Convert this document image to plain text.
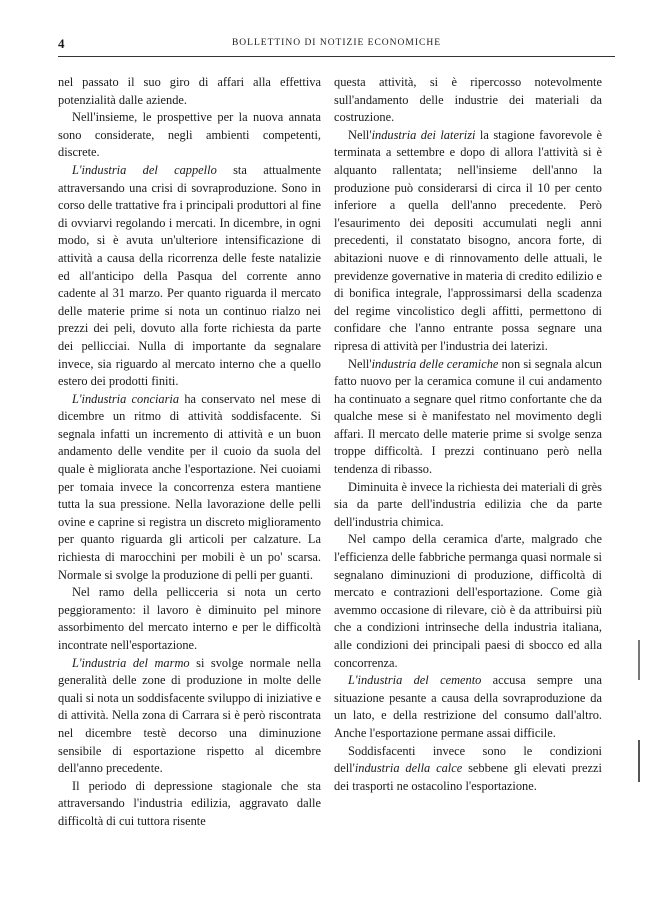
4	BOLLETTINO DI NOTIZIE ECONOMICHE

nel passato il suo giro di affari alla effettiva potenzialità dalle aziende.

Nell'insieme, le prospettive per la nuova annata sono considerate, negli ambienti competenti, discrete.

L'industria del cappello sta attualmente attraversando una crisi di sovraproduzione. Sono in corso delle trattative fra i principali produttori al fine di ovviarvi regolando i mercati. In dicembre, in ogni modo, si è avuta un'ulteriore intensificazione di attività a causa della ricorrenza delle feste natalizie ed all'anticipo della Pasqua del corrente anno cadente al 31 marzo. Per quanto riguarda il mercato delle materie prime si nota un continuo rialzo nei prezzi dei peli, dovuto alla forte richiesta da parte dei pellicciai. Nulla di importante da segnalare invece, sia riguardo al mercato interno che a quello estero dei prodotti finiti.

L'industria conciaria ha conservato nel mese di dicembre un ritmo di attività soddisfacente. Si segnala infatti un incremento di attività e un buon andamento delle vendite per il cuoio da suola del quale è migliorata anche l'esportazione. Nei cuoiami per tomaia invece la concorrenza estera mantiene tutta la sua pressione. Nella lavorazione delle pelli ovine e caprine si registra un discreto miglioramento per quanto riguarda gli articoli per calzature. La richiesta di marocchini per mobili è un po' scarsa. Normale si svolge la produzione di pelli per guanti.

Nel ramo della pellicceria si nota un certo peggioramento: il lavoro è diminuito pel minore assorbimento del mercato interno e per le difficoltà incontrate nell'esportazione.

L'industria del marmo si svolge normale nella generalità delle zone di produzione in molte delle quali si nota un soddisfacente sviluppo di iniziative e di attività. Nella zona di Carrara si è però riscontrata nel dicembre testè decorso una diminuzione sensibile di esportazione rispetto al dicembre dell'anno precedente.

Il periodo di depressione stagionale che sta attraversando l'industria edilizia, aggravato dalle difficoltà di cui tuttora risente

questa attività, si è ripercosso notevolmente sull'andamento delle industrie dei materiali da costruzione.

Nell'industria dei laterizi la stagione favorevole è terminata a settembre e dopo di allora l'attività si è alquanto rallentata; nell'insieme dell'anno la produzione può considerarsi di circa il 10 per cento inferiore a quella dell'anno precedente. Però l'esaurimento dei depositi accumulati negli anni precedenti, il constatato bisogno, ancora forte, di abitazioni nuove e di rinnovamento delle attuali, le previdenze governative in materia di credito edilizio e di bonifica integrale, l'approssimarsi della scadenza del regime vincolistico degli affitti, permettono di confidare che l'anno entrante possa segnare una ripresa di attività per l'industria dei laterizi.

Nell'industria delle ceramiche non si segnala alcun fatto nuovo per la ceramica comune il cui andamento ha continuato a segnare quel ritmo confortante che da qualche mese si è manifestato nel movimento degli affari. Il mercato delle materie prime si svolge senza troppe difficoltà. I prezzi continuano però nella tendenza di ribasso.

Diminuita è invece la richiesta dei materiali di grès sia da parte dell'industria edilizia che da parte dell'industria chimica.

Nel campo della ceramica d'arte, malgrado che l'efficienza delle fabbriche permanga quasi normale si segnalano diminuzioni di produzione, difficoltà di mercato e contrazioni dell'esportazione. Come già avemmo occasione di rilevare, ciò è da attribuirsi più che a condizioni intrinseche della industria italiana, alle condizioni dei principali paesi di sbocco ed alla concorrenza.

L'industria del cemento accusa sempre una situazione pesante a causa della sovraproduzione da un lato, e della restrizione del consumo dall'altro. Anche l'esportazione permane assai difficile.

Soddisfacenti invece sono le condizioni dell'industria della calce sebbene gli elevati prezzi dei trasporti ne ostacolino l'esportazione.
